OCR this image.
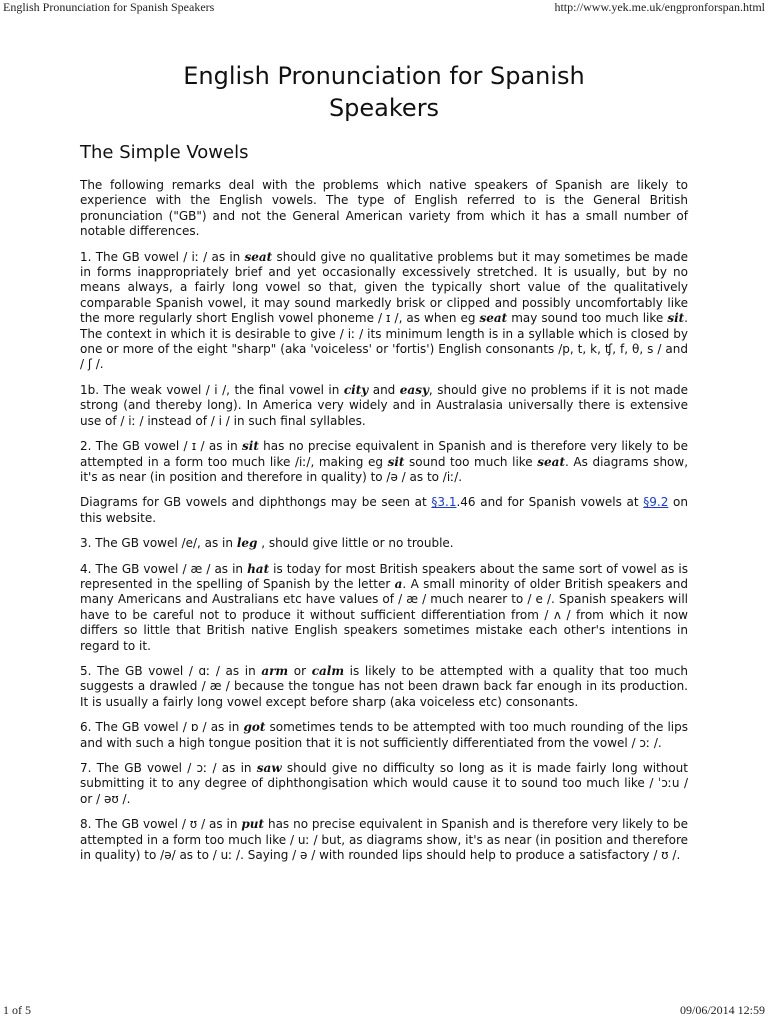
English Pronunciation for Spanish Speakers	http://www.yek.me.uk/engpronforspan.html
English Pronunciation for Spanish
Speakers
The Simple Vowels

The following remarks deal with the problems which native speakers of Spanish are likely to experience with the English vowels. The type of English referred to is the General British pronunciation ("GB") and not the General American variety from which it has a small number of notable differences.

1. The GB vowel / iː / as in seat should give no qualitative problems but it may sometimes be made in forms inappropriately brief and yet occasionally excessively stretched. It is usually, but by no means always, a fairly long vowel so that, given the typically short value of the qualitatively comparable Spanish vowel, it may sound markedly brisk or clipped and possibly uncomfortably like the more regularly short English vowel phoneme / ɪ /, as when eg seat may sound too much like sit. The context in which it is desirable to give / iː / its minimum length is in a syllable which is closed by one or more of the eight "sharp" (aka 'voiceless' or 'fortis') English consonants /p, t, k, ʧ, f, θ, s / and / ʃ /.

1b. The weak vowel / i /, the final vowel in city and easy, should give no problems if it is not made strong (and thereby long). In America very widely and in Australasia universally there is extensive use of / iː / instead of / i / in such final syllables.

2. The GB vowel / ɪ / as in sit has no precise equivalent in Spanish and is therefore very likely to be attempted in a form too much like /iː/, making eg sit sound too much like seat. As diagrams show, it's as near (in position and therefore in quality) to /ə / as to /iː/.

Diagrams for GB vowels and diphthongs may be seen at §3.1.46 and for Spanish vowels at §9.2 on this website.

3. The GB vowel /e/, as in leg , should give little or no trouble.

4. The GB vowel / æ / as in hat is today for most British speakers about the same sort of vowel as is represented in the spelling of Spanish by the letter a. A small minority of older British speakers and many Americans and Australians etc have values of / æ / much nearer to / e /. Spanish speakers will have to be careful not to produce it without sufficient differentiation from / ʌ / from which it now differs so little that British native English speakers sometimes mistake each other's intentions in regard to it.

5. The GB vowel / ɑː / as in arm or calm is likely to be attempted with a quality that too much suggests a drawled / æ / because the tongue has not been drawn back far enough in its production. It is usually a fairly long vowel except before sharp (aka voiceless etc) consonants.

6. The GB vowel / ɒ / as in got sometimes tends to be attempted with too much rounding of the lips and with such a high tongue position that it is not sufficiently differentiated from the vowel / ɔː /.

7. The GB vowel / ɔː / as in saw should give no difficulty so long as it is made fairly long without submitting it to any degree of diphthongisation which would cause it to sound too much like / ˈɔːu / or / əʊ /.

8. The GB vowel / ʊ / as in put has no precise equivalent in Spanish and is therefore very likely to be attempted in a form too much like / uː / but, as diagrams show, it's as near (in position and therefore in quality) to /ə/ as to / uː /. Saying / ə / with rounded lips should help to produce a satisfactory / ʊ /.

1 of 5	09/06/2014 12:59
